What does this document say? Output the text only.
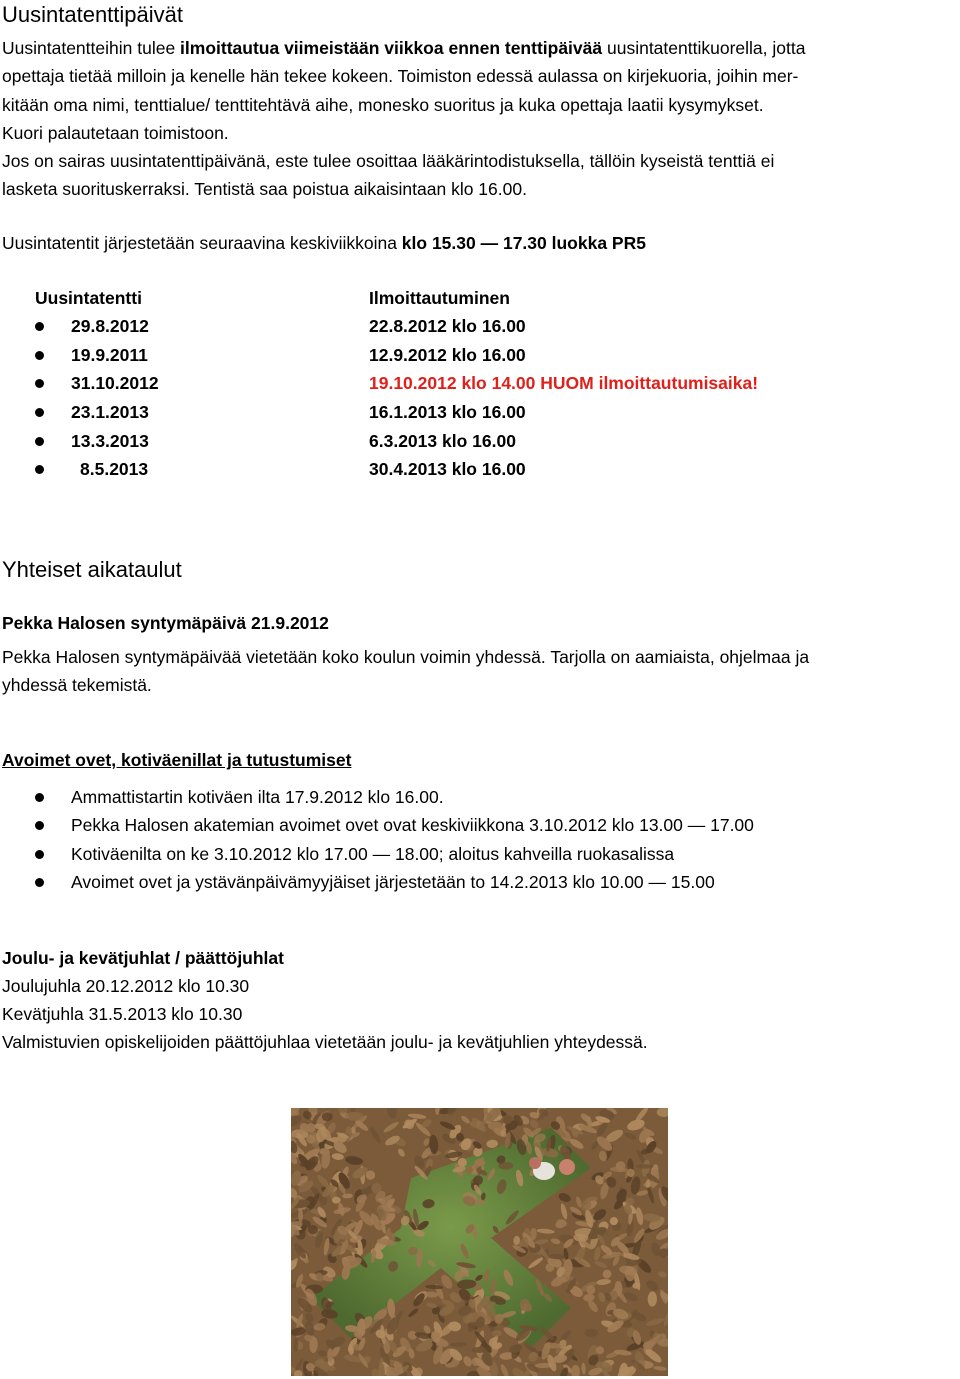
Uusintatenttipäivät
Uusintatentteihin tulee ilmoittautua viimeistään viikkoa ennen tenttipäivää uusintatenttikuorella, jotta
opettaja tietää milloin ja kenelle hän tekee kokeen. Toimiston edessä aulassa on kirjekuoria, joihin mer-
kitään oma nimi, tenttialue/ tenttitehtävä aihe, monesko suoritus ja kuka opettaja laatii kysymykset.
Kuori palautetaan toimistoon.
Jos on sairas uusintatenttipäivänä, este tulee osoittaa lääkärintodistuksella, tällöin kyseistä tenttiä ei
lasketa suorituskerraksi. Tentistä saa poistua aikaisintaan klo 16.00.
Uusintatentit järjestetään seuraavina keskiviikkoina klo 15.30 — 17.30 luokka PR5
Uusintatentti	Ilmoittautuminen
29.8.2012	22.8.2012 klo 16.00
19.9.2011	12.9.2012 klo 16.00
31.10.2012	19.10.2012 klo 14.00 HUOM ilmoittautumisaika!
23.1.2013	16.1.2013 klo 16.00
13.3.2013	6.3.2013 klo 16.00
8.5.2013	30.4.2013 klo 16.00
Yhteiset aikataulut
Pekka Halosen syntymäpäivä 21.9.2012
Pekka Halosen syntymäpäivää vietetään koko koulun voimin yhdessä. Tarjolla on aamiaista, ohjelmaa ja
yhdessä tekemistä.
Avoimet ovet, kotiväenillat ja tutustumiset
Ammattistartin kotiväen ilta 17.9.2012 klo 16.00.
Pekka Halosen akatemian avoimet ovet ovat keskiviikkona 3.10.2012 klo 13.00 — 17.00
Kotiväenilta on ke 3.10.2012 klo 17.00 — 18.00; aloitus kahveilla ruokasalissa
Avoimet ovet ja ystävänpäivämyyjäiset järjestetään to 14.2.2013 klo 10.00 — 15.00
Joulu- ja kevätjuhlat / päättöjuhlat
Joulujuhla 20.12.2012 klo 10.30
Kevätjuhla 31.5.2013 klo 10.30
Valmistuvien opiskelijoiden päättöjuhlaa vietetään joulu- ja kevätjuhlien yhteydessä.
